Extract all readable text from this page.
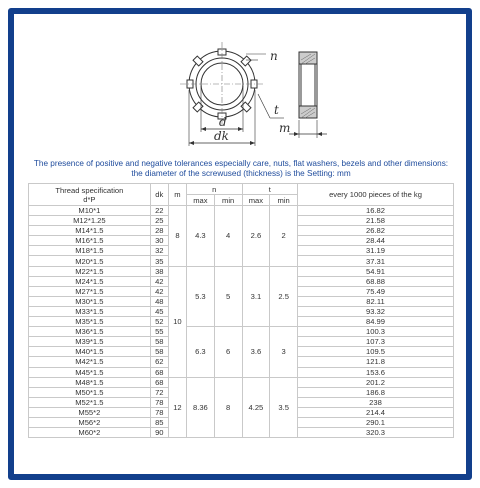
n
t
d
dk
m
The presence of positive and negative tolerances especially care, nuts, flat washers, bezels and other dimensions: the diameter of the screwused (thickness) is the Setting: mm
Thread specification
d*P	dk	m	n		t		every 1000 pieces of the kg
			max	min	max	min	
M10*1	22	8	4.3	4	2.6	2	16.82
M12*1.25	25						21.58
M14*1.5	28						26.82
M16*1.5	30						28.44
M18*1.5	32						31.19
M20*1.5	35						37.31
M22*1.5	38	10	5.3	5	3.1	2.5	54.91
M24*1.5	42						68.88
M27*1.5	42						75.49
M30*1.5	48						82.11
M33*1.5	45						93.32
M35*1.5	52						84.99
M36*1.5	55		6.3	6	3.6	3	100.3
M39*1.5	58						107.3
M40*1.5	58						109.5
M42*1.5	62						121.8
M45*1.5	68						153.6
M48*1.5	68	12	8.36	8	4.25	3.5	201.2
M50*1.5	72						186.8
M52*1.5	78						238
M55*2	78						214.4
M56*2	85						290.1
M60*2	90						320.3
